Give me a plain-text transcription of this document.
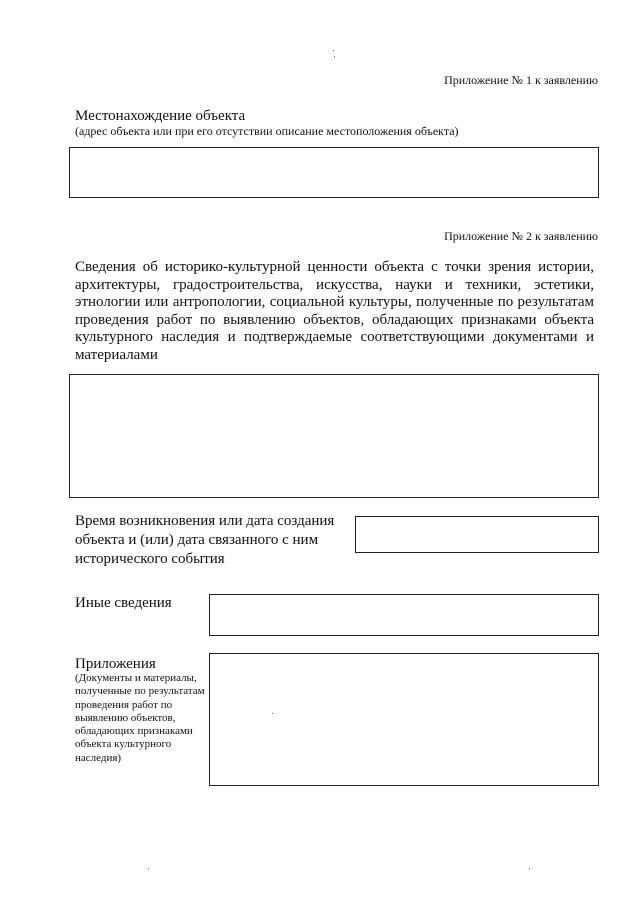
Приложение № 1 к заявлению
Местонахождение объекта
(адрес объекта или при его отсутствии описание местоположения объекта)
Приложение № 2 к заявлению
Сведения об историко-культурной ценности объекта с точки зрения истории, архитектуры, градостроительства, искусства, науки и техники, эстетики, этнологии или антропологии, социальной культуры, полученные по результатам проведения работ по выявлению объектов, обладающих признаками объекта культурного наследия и подтверждаемые соответствующими документами и материалами
Время возникновения или дата создания объекта и (или) дата связанного с ним исторического события
Иные сведения
Приложения
(Документы и материалы, полученные по результатам проведения работ по выявлению объектов, обладающих признаками объекта культурного наследия)
